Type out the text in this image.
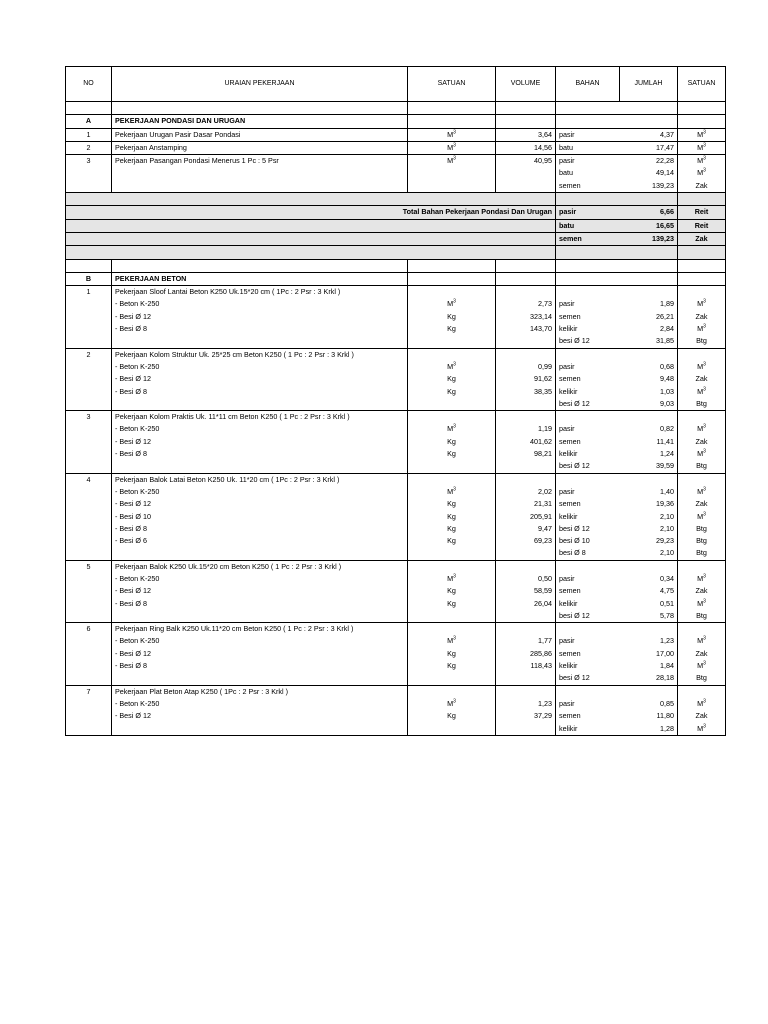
NO	URAIAN PEKERJAAN	SATUAN	VOLUME	BAHAN	JUMLAH	SATUAN

A	PEKERJAAN PONDASI DAN URUGAN					
1	Pekerjaan Urugan Pasir Dasar Pondasi	$M^3$	3,64	pasir	4,37	$M^3$
2	Pekerjaan Anstamping	$M^3$	14,56	batu	17,47	$M^3$
3	Pekerjaan Pasangan Pondasi Menerus 1 Pc : 5 Psr	$M^3$	40,95	pasir	22,28	$M^3$
				batu	49,14	$M^3$
				semen	139,23	Zak

Total Bahan Pekerjaan Pondasi Dan Urugan				pasir	6,66	Reit
				batu	16,65	Reit
				semen	139,23	Zak

B	PEKERJAAN BETON					
1	Pekerjaan Sloof Lantai Beton K250 Uk.15*20 cm ( 1Pc : 2 Psr : 3 Krkl )					
	- Beton K-250	$M^3$	2,73	pasir	1,89	$M^3$
	- Besi Ø 12	Kg	323,14	semen	26,21	Zak
	- Besi Ø 8	Kg	143,70	kelikir	2,84	$M^3$
				besi Ø 12	31,85	Btg
2	Pekerjaan Kolom Struktur Uk. 25*25 cm Beton K250 ( 1 Pc : 2 Psr : 3 Krkl )					
	- Beton K-250	$M^3$	0,99	pasir	0,68	$M^3$
	- Besi Ø 12	Kg	91,62	semen	9,48	Zak
	- Besi Ø 8	Kg	38,35	kelikir	1,03	$M^3$
				besi Ø 12	9,03	Btg
3	Pekerjaan Kolom Praktis Uk. 11*11 cm Beton K250 ( 1 Pc : 2 Psr : 3 Krkl )					
	- Beton K-250	$M^3$	1,19	pasir	0,82	$M^3$
	- Besi Ø 12	Kg	401,62	semen	11,41	Zak
	- Besi Ø 8	Kg	98,21	kelikir	1,24	$M^3$
				besi Ø 12	39,59	Btg
4	Pekerjaan Balok Latai Beton K250 Uk. 11*20 cm ( 1Pc : 2 Psr : 3 Krkl )					
	- Beton K-250	$M^3$	2,02	pasir	1,40	$M^3$
	- Besi Ø 12	Kg	21,31	semen	19,36	Zak
	- Besi Ø 10	Kg	205,91	kelikir	2,10	$M^3$
	- Besi Ø 8	Kg	9,47	besi Ø 12	2,10	Btg
	- Besi Ø 6	Kg	69,23	besi Ø 10	29,23	Btg
				besi Ø 8	2,10	Btg
5	Pekerjaan Balok K250 Uk.15*20 cm Beton K250 ( 1 Pc : 2 Psr : 3 Krkl )					
	- Beton K-250	$M^3$	0,50	pasir	0,34	$M^3$
	- Besi Ø 12	Kg	58,59	semen	4,75	Zak
	- Besi Ø 8	Kg	26,04	kelikir	0,51	$M^3$
				besi Ø 12	5,78	Btg
6	Pekerjaan Ring Balk K250 Uk.11*20 cm Beton K250 ( 1 Pc : 2 Psr : 3 Krkl )					
	- Beton K-250	$M^3$	1,77	pasir	1,23	$M^3$
	- Besi Ø 12	Kg	285,86	semen	17,00	Zak
	- Besi Ø 8	Kg	118,43	kelikir	1,84	$M^3$
				besi Ø 12	28,18	Btg
7	Pekerjaan Plat Beton Atap K250 ( 1Pc : 2 Psr : 3 Krkl )					
	- Beton K-250	$M^3$	1,23	pasir	0,85	$M^3$
	- Besi Ø 12	Kg	37,29	semen	11,80	Zak
				kelikir	1,28	$M^3$
